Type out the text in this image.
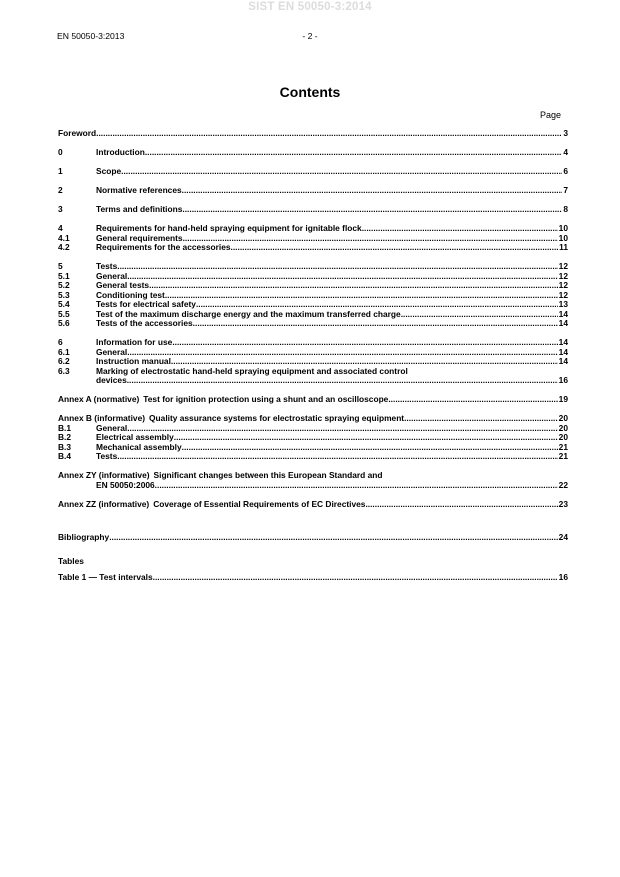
SIST EN 50050-3:2014
EN 50050-3:2013	- 2 -
Contents
Page
Foreword .....	3
0	Introduction .....	4
1	Scope .....	6
2	Normative references .....	7
3	Terms and definitions .....	8
4	Requirements for hand-held spraying equipment for ignitable flock .....	10
4.1	General requirements .....	10
4.2	Requirements for the accessories .....	11
5	Tests .....	12
5.1	General .....	12
5.2	General tests .....	12
5.3	Conditioning test .....	12
5.4	Tests for electrical safety .....	13
5.5	Test of the maximum discharge energy and the maximum transferred charge .....	14
5.6	Tests of the accessories .....	14
6	Information for use .....	14
6.1	General .....	14
6.2	Instruction manual .....	14
6.3	Marking of electrostatic hand-held spraying equipment and associated control
devices .....	16
Annex A (normative) Test for ignition protection using a shunt and an oscilloscope .....	19
Annex B (informative) Quality assurance systems for electrostatic spraying equipment .....	20
B.1	General .....	20
B.2	Electrical assembly .....	20
B.3	Mechanical assembly .....	21
B.4	Tests .....	21
Annex ZY (informative) Significant changes between this European Standard and
EN 50050:2006 .....	22
Annex ZZ (informative) Coverage of Essential Requirements of EC Directives .....	23
Bibliography .....	24
Tables
Table 1 — Test intervals .....	16
